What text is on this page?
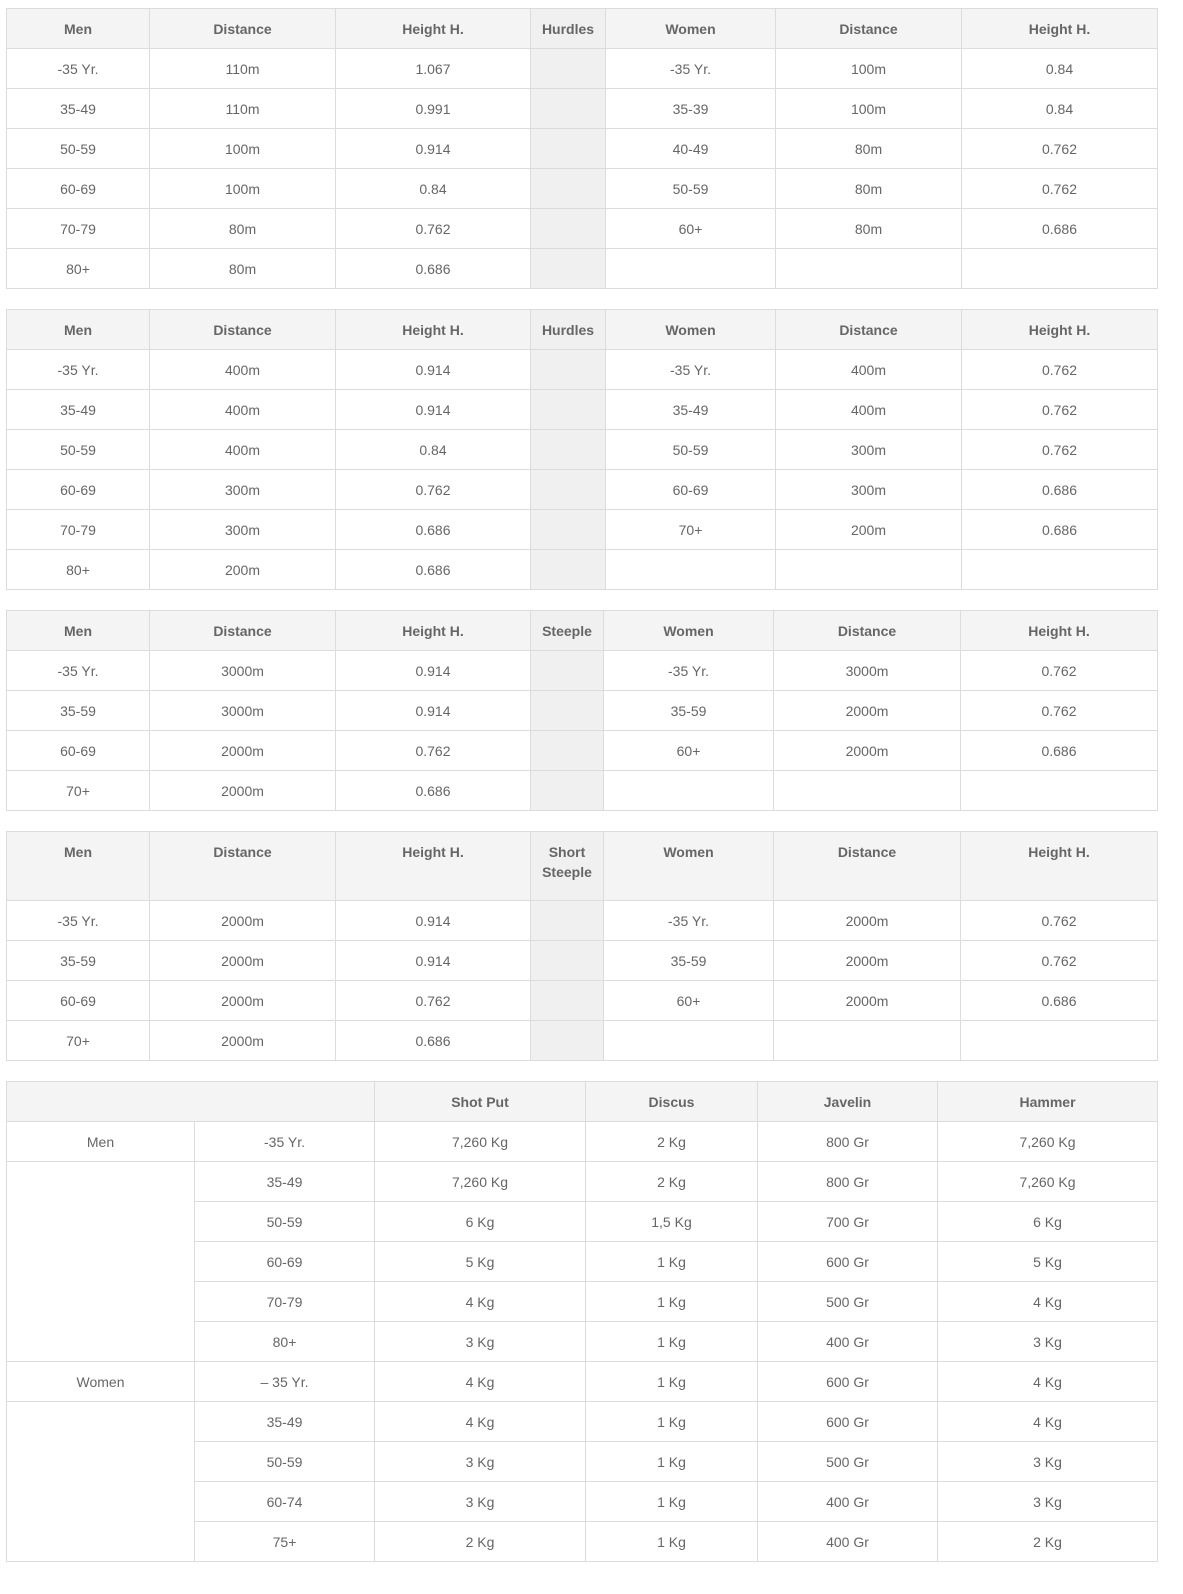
Men	Distance	Height H.	Hurdles	Women	Distance	Height H.
-35 Yr.	110m	1.067		-35 Yr.	100m	0.84
35-49	110m	0.991		35-39	100m	0.84
50-59	100m	0.914		40-49	80m	0.762
60-69	100m	0.84		50-59	80m	0.762
70-79	80m	0.762		60+	80m	0.686
80+	80m	0.686				
Men	Distance	Height H.	Hurdles	Women	Distance	Height H.
-35 Yr.	400m	0.914		-35 Yr.	400m	0.762
35-49	400m	0.914		35-49	400m	0.762
50-59	400m	0.84		50-59	300m	0.762
60-69	300m	0.762		60-69	300m	0.686
70-79	300m	0.686		70+	200m	0.686
80+	200m	0.686				
Men	Distance	Height H.	Steeple	Women	Distance	Height H.
-35 Yr.	3000m	0.914		-35 Yr.	3000m	0.762
35-59	3000m	0.914		35-59	2000m	0.762
60-69	2000m	0.762		60+	2000m	0.686
70+	2000m	0.686				
Men	Distance	Height H.	Short Steeple	Women	Distance	Height H.
-35 Yr.	2000m	0.914		-35 Yr.	2000m	0.762
35-59	2000m	0.914		35-59	2000m	0.762
60-69	2000m	0.762		60+	2000m	0.686
70+	2000m	0.686				
		Shot Put	Discus	Javelin	Hammer
Men	-35 Yr.	7,260 Kg	2 Kg	800 Gr	7,260 Kg
	35-49	7,260 Kg	2 Kg	800 Gr	7,260 Kg
	50-59	6 Kg	1,5 Kg	700 Gr	6 Kg
	60-69	5 Kg	1 Kg	600 Gr	5 Kg
	70-79	4 Kg	1 Kg	500 Gr	4 Kg
	80+	3 Kg	1 Kg	400 Gr	3 Kg
Women	– 35 Yr.	4 Kg	1 Kg	600 Gr	4 Kg
	35-49	4 Kg	1 Kg	600 Gr	4 Kg
	50-59	3 Kg	1 Kg	500 Gr	3 Kg
	60-74	3 Kg	1 Kg	400 Gr	3 Kg
	75+	2 Kg	1 Kg	400 Gr	2 Kg
